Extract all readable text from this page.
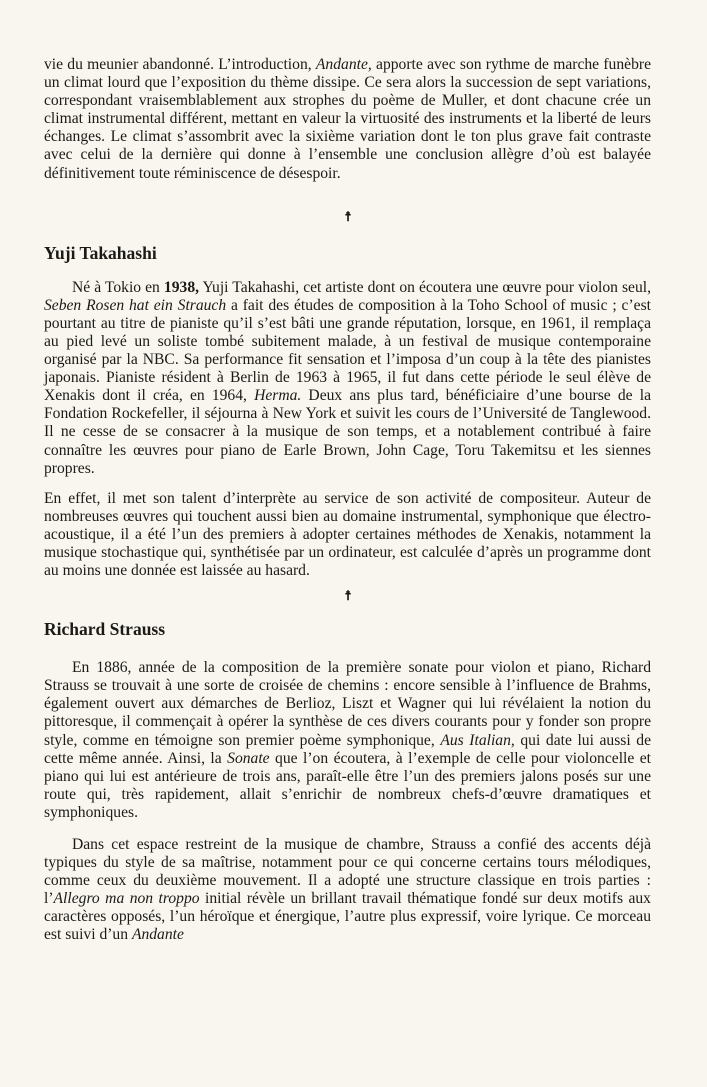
vie du meunier abandonné. L’introduction, Andante, apporte avec son rythme de marche funèbre un climat lourd que l’exposition du thème dissipe. Ce sera alors la succession de sept variations, correspondant vraisemblablement aux strophes du poème de Muller, et dont chacune crée un climat instrumental différent, mettant en valeur la virtuosité des instruments et la liberté de leurs échanges. Le climat s’assombrit avec la sixième variation dont le ton plus grave fait contraste avec celui de la dernière qui donne à l’ensemble une conclusion allègre d’où est balayée définitivement toute réminiscence de désespoir.

☨
Yuji Takahashi

Né à Tokio en 1938, Yuji Takahashi, cet artiste dont on écoutera une œuvre pour violon seul, Seben Rosen hat ein Strauch a fait des études de composition à la Toho School of music ; c’est pourtant au titre de pianiste qu’il s’est bâti une grande réputation, lorsque, en 1961, il remplaça au pied levé un soliste tombé subitement malade, à un festival de musique contemporaine organisé par la NBC. Sa performance fit sensation et l’imposa d’un coup à la tête des pianistes japonais. Pianiste résident à Berlin de 1963 à 1965, il fut dans cette période le seul élève de Xenakis dont il créa, en 1964, Herma. Deux ans plus tard, bénéficiaire d’une bourse de la Fondation Rockefeller, il séjourna à New York et suivit les cours de l’Université de Tanglewood. Il ne cesse de se consacrer à la musique de son temps, et a notablement contribué à faire connaître les œuvres pour piano de Earle Brown, John Cage, Toru Takemitsu et les siennes propres.

En effet, il met son talent d’interprète au service de son activité de compositeur. Auteur de nombreuses œuvres qui touchent aussi bien au domaine instrumental, symphonique que électro-acoustique, il a été l’un des premiers à adopter certaines méthodes de Xenakis, notamment la musique stochastique qui, synthétisée par un ordinateur, est calculée d’après un programme dont au moins une donnée est laissée au hasard.

☨
Richard Strauss

En 1886, année de la composition de la première sonate pour violon et piano, Richard Strauss se trouvait à une sorte de croisée de chemins : encore sensible à l’influence de Brahms, également ouvert aux démarches de Berlioz, Liszt et Wagner qui lui révélaient la notion du pittoresque, il commençait à opérer la synthèse de ces divers courants pour y fonder son propre style, comme en témoigne son premier poème symphonique, Aus Italian, qui date lui aussi de cette même année. Ainsi, la Sonate que l’on écoutera, à l’exemple de celle pour violoncelle et piano qui lui est antérieure de trois ans, paraît-elle être l’un des premiers jalons posés sur une route qui, très rapidement, allait s’enrichir de nombreux chefs-d’œuvre dramatiques et symphoniques.

Dans cet espace restreint de la musique de chambre, Strauss a confié des accents déjà typiques du style de sa maîtrise, notamment pour ce qui concerne certains tours mélodiques, comme ceux du deuxième mouvement. Il a adopté une structure classique en trois parties : l’Allegro ma non troppo initial révèle un brillant travail thématique fondé sur deux motifs aux caractères opposés, l’un héroïque et énergique, l’autre plus expressif, voire lyrique. Ce morceau est suivi d’un Andante
